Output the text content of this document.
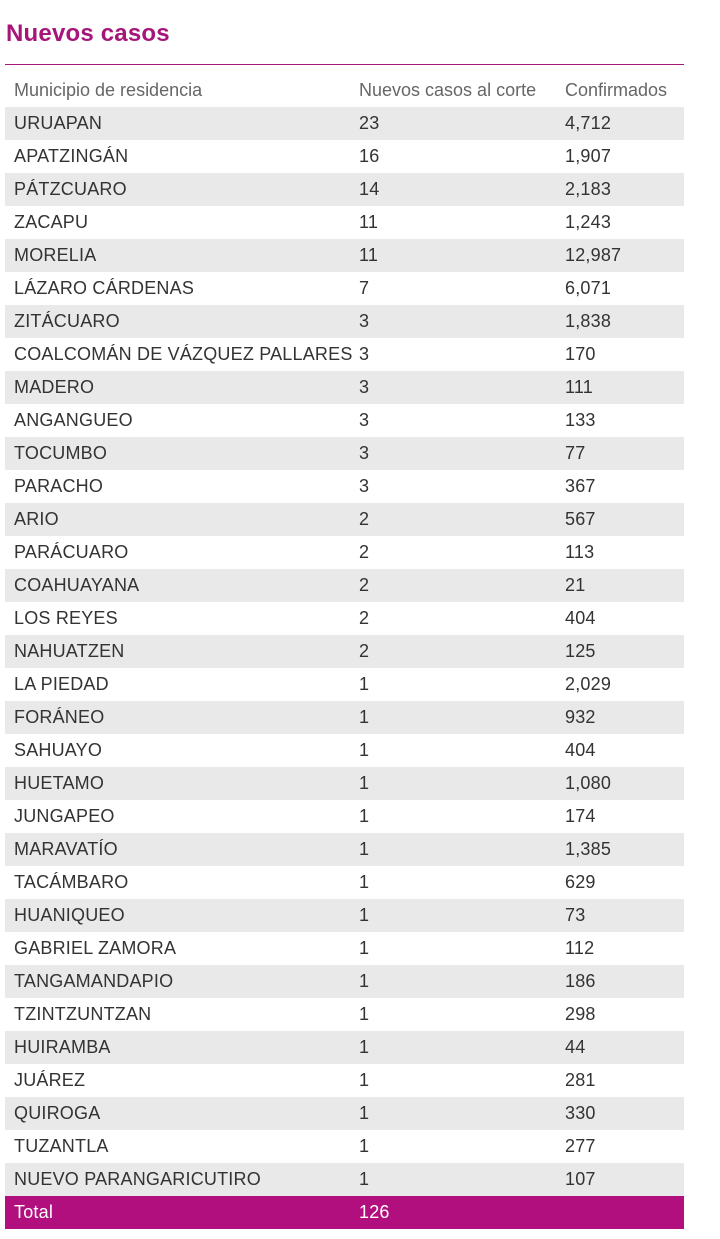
Nuevos casos
Municipio de residencia	Nuevos casos al corte	Confirmados
URUAPAN	23	4,712
APATZINGÁN	16	1,907
PÁTZCUARO	14	2,183
ZACAPU	11	1,243
MORELIA	11	12,987
LÁZARO CÁRDENAS	7	6,071
ZITÁCUARO	3	1,838
COALCOMÁN DE VÁZQUEZ PALLARES	3	170
MADERO	3	111
ANGANGUEO	3	133
TOCUMBO	3	77
PARACHO	3	367
ARIO	2	567
PARÁCUARO	2	113
COAHUAYANA	2	21
LOS REYES	2	404
NAHUATZEN	2	125
LA PIEDAD	1	2,029
FORÁNEO	1	932
SAHUAYO	1	404
HUETAMO	1	1,080
JUNGAPEO	1	174
MARAVATÍO	1	1,385
TACÁMBARO	1	629
HUANIQUEO	1	73
GABRIEL ZAMORA	1	112
TANGAMANDAPIO	1	186
TZINTZUNTZAN	1	298
HUIRAMBA	1	44
JUÁREZ	1	281
QUIROGA	1	330
TUZANTLA	1	277
NUEVO PARANGARICUTIRO	1	107
Total	126	
